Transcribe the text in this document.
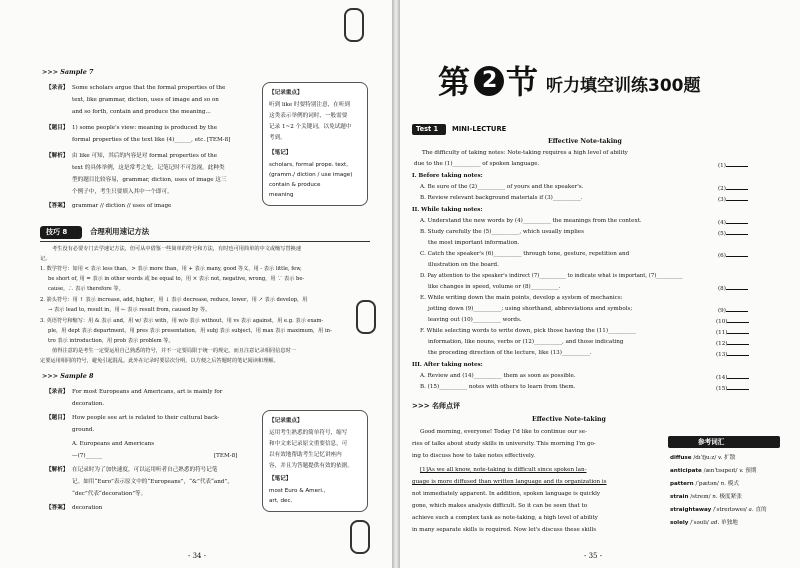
>>> Sample 7
【录音】 Some scholars argue that the formal properties of the
text, like grammar, diction, uses of image and so on
and so forth, contain and produce the meaning...
【题目】 1) some people's view: meaning is produced by the
formal properties of the text like (4)______, etc. [TEM-8]
【解析】 由 like 可知，其后的内容是对 formal properties of the
text 的具体举例，这是常考之处，记笔记时不可忽视。此种类
型的题目比较容易，grammar, diction, uses of image 这三
个例子中，考生只要填入其中一个即可。
【答案】 grammar // diction // uses of image
【记录重点】
听到 like 时要特别注意，在听到
这类表示举例的词时，一般需要
记录 1~2 个关键词，以免试题中
考到。
【笔记】
scholars, formal prope. text,
(gramm./ diction / use image)
contain & produce
meaning
技巧 8	合理利用速记方法
考生没有必要专门去学速记方法，但可从中借鉴一些简单的符号和方法，有时也可用简单的中文或缩写替换速
记。
1. 数学符号：如用 < 表示 less than，> 表示 more than，用 + 表示 many, good 等义，用 - 表示 little, few,
be short of, 用 = 表示 in other words 或 be equal to，用 × 表示 not, negative, wrong，用 ∵ 表示 be-
cause，∴ 表示 therefore 等。
2. 箭头符号：用 ↑ 表示 increase, add, higher，用 ↓ 表示 decrease, reduce, lower，用 ↗ 表示 develop，用
→ 表示 lead to, result in，用 ← 表示 result from, caused by 等。
3. 英语符号和缩写：用 & 表示 and，用 w/ 表示 with，用 w/o 表示 without，用 vs 表示 against，用 e.g. 表示 exam-
ple，用 dept 表示 department，用 pres 表示 presentation，用 subj 表示 subject，用 max 表示 maximum，用 in-
tro 表示 introduction，用 prob 表示 problem 等。
值得注意的是考生一定要运用自己熟悉的符号，并不一定要局限于统一的规定。而且注意记录相同信息时一
定要运用相同的符号，避免引起混乱。此外在记录时要层次分明，以方便之后答题时的笔记阅读和理解。
>>> Sample 8
【录音】 For most Europeans and Americans, art is mainly for
decoration.
【题目】 How people see art is related to their cultural back-
ground.
A. Europeans and Americans
—(7)______	[TEM-8]
【解析】 在记录时为了加快速度，可以运用听者自己熟悉的符号记笔
记。如用“Euro”表示原文中的“Europeans”，“&”代表“and”，
“dec”代表“decoration”等。
【答案】 decoration
【记录重点】
运用考生熟悉的简单符号，缩写
和中文来记录原文重要信息，可
以有效地帮助考生记忆讲座内
容，并且为答题提供有效的依据。
【笔记】
most Euro & Ameri.,
art, dec.
- 34 -
第 2 节 听力填空训练300题
Test 1 MINI-LECTURE
Effective Note-taking
The difficulty of taking notes: Note-taking requires a high level of ability
due to the (1)__________ of spoken language.
I. Before taking notes:
A. Be sure of the (2)__________ of yours and the speaker's.
B. Review relevant background materials if (3)__________.
II. While taking notes:
A. Understand the new words by (4)__________ the meanings from the context.
B. Study carefully the (5)__________, which usually implies
the most important information.
C. Catch the speaker's (6)__________ through tone, gesture, repetition and
illustration on the board.
D. Pay attention to the speaker's indirect (7)__________ to indicate what is important, (7)__________
like changes in speed, volume or (8)__________.
E. While writing down the main points, develop a system of mechanics:
jotting down (9)__________; using shorthand, abbreviations and symbols;
leaving out (10)__________ words.
F. While selecting words to write down, pick those having the (11)__________
information, like nouns, verbs or (12)__________, and those indicating
the proceding direction of the lecture, like (13)__________.
III. After taking notes:
A. Review and (14)__________ them as soon as possible.
B. (15)__________ notes with others to learn from them.
(1)
(2)
(3)
(4)
(5)
(6)
(8)
(9)
(10)
(11)
(12)
(13)
(14)
(15)
>>> 名师点评
Effective Note-taking
Good morning, everyone! Today I'd like to continue our se-
ries of talks about study skills in university. This morning I'm go-
ing to discuss how to take notes effectively.
[1]As we all know, note-taking is difficult since spoken lan-
guage is more diffused than written language and its organization is
not immediately apparent. In addition, spoken language is quickly
gone, which makes analysis difficult. So it can be seen that to
achieve such a complex task as note-taking, a high level of ability
in many separate skills is required. Now let's discuss these skills
参考词汇
diffuse /dɪˈfjuːz/ v. 扩散
anticipate /ænˈtɪsɪpeɪt/ v. 预期
pattern /ˈpætən/ n. 模式
strain /streɪn/ n. 极度紧张
straightaway /ˈstreɪtəweɪ/ a. 直的
solely /ˈsəʊli/ ad. 单独地
- 35 -
